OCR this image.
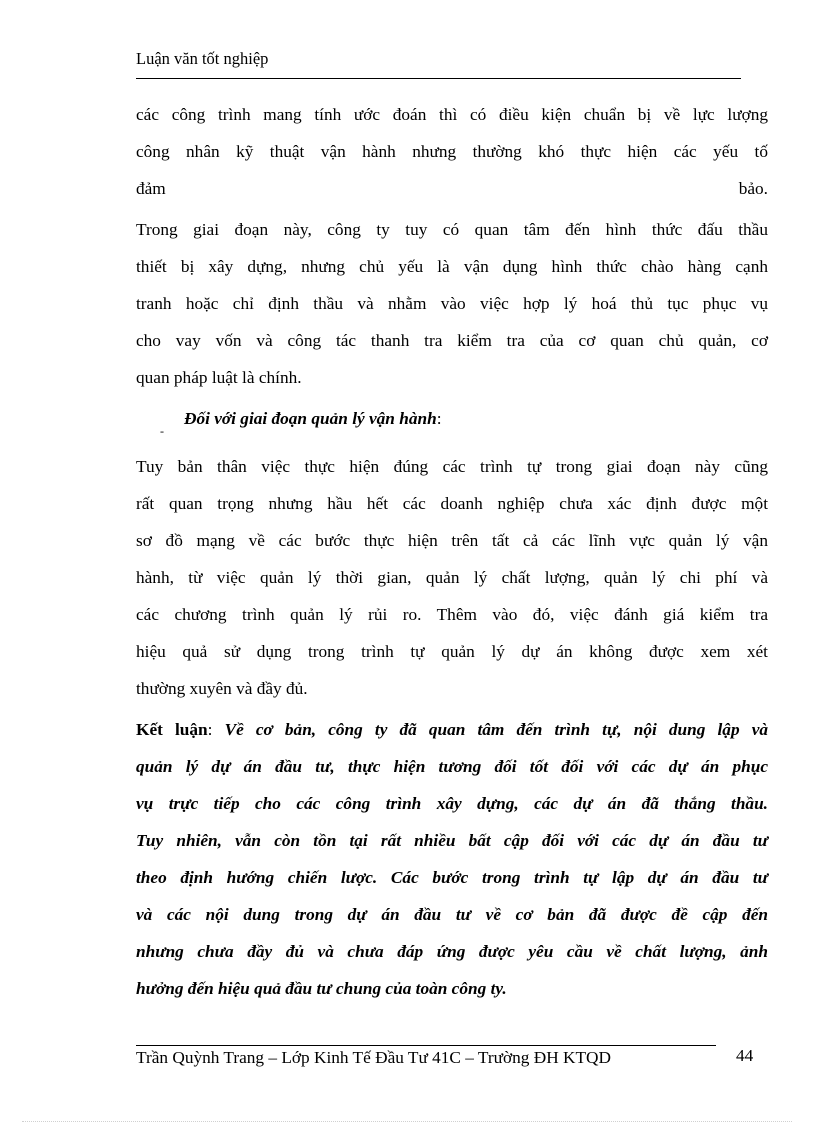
Luận văn tốt nghiệp
các công trình mang tính ước đoán thì có điều kiện chuẩn bị về lực lượng
công nhân kỹ thuật vận hành nhưng thường khó thực hiện các yếu tố
đảm bảo.
Trong giai đoạn này, công ty tuy có quan tâm đến hình thức đấu thầu
thiết bị xây dựng, nhưng chủ yếu là vận dụng hình thức chào hàng cạnh
tranh hoặc chỉ định thầu và nhằm vào việc hợp lý hoá thủ tục phục vụ
cho vay vốn và công tác thanh tra kiểm tra của cơ quan chủ quản, cơ
quan pháp luật là chính.
-
Đối với giai đoạn quản lý vận hành:
Tuy bản thân việc thực hiện đúng các trình tự trong giai đoạn này cũng
rất quan trọng nhưng hầu hết các doanh nghiệp chưa xác định được một
sơ đồ mạng về các bước thực hiện trên tất cả các lĩnh vực quản lý vận
hành, từ việc quản lý thời gian, quản lý chất lượng, quản lý chi phí và
các chương trình quản lý rủi ro. Thêm vào đó, việc đánh giá kiểm tra
hiệu quả sử dụng trong trình tự quản lý dự án không được xem xét
thường xuyên và đầy đủ.
Kết luận: Về cơ bản, công ty đã quan tâm đến trình tự, nội dung lập và
quản lý dự án đầu tư, thực hiện tương đối tốt đối với các dự án phục
vụ trực tiếp cho các công trình xây dựng, các dự án đã thắng thầu.
Tuy nhiên, vẫn còn tồn tại rất nhiều bất cập đối với các dự án đầu tư
theo định hướng chiến lược. Các bước trong trình tự lập dự án đầu tư
và các nội dung trong dự án đầu tư về cơ bản đã được đề cập đến
nhưng chưa đầy đủ và chưa đáp ứng được yêu cầu về chất lượng, ảnh
hưởng đến hiệu quả đầu tư chung của toàn công ty.
Trần Quỳnh Trang – Lớp Kinh Tế Đầu Tư 41C – Trường ĐH KTQD	44
